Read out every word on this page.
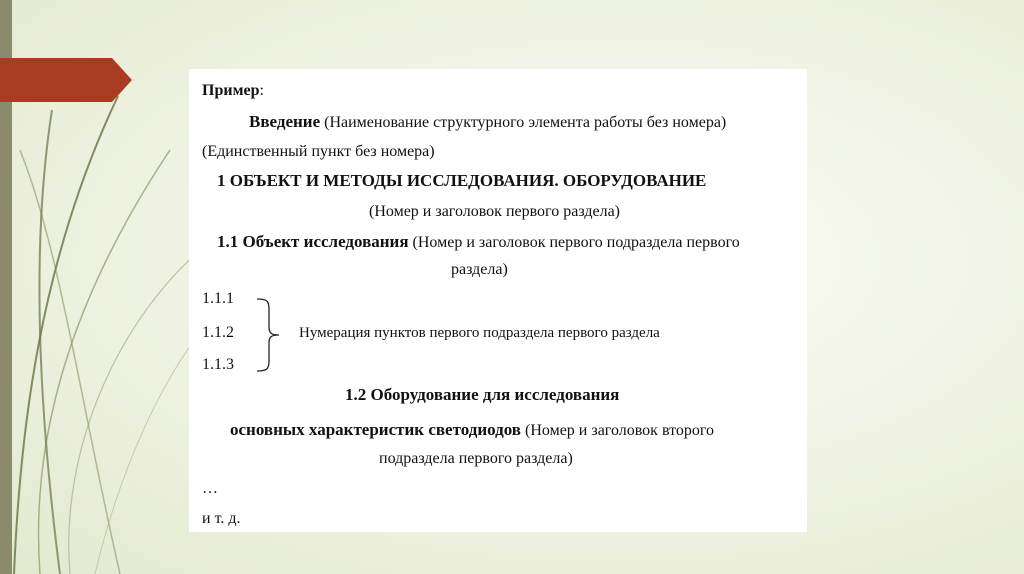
Пример:
Введение (Наименование структурного элемента работы без номера)
(Единственный пункт без номера)
1 ОБЪЕКТ И МЕТОДЫ ИССЛЕДОВАНИЯ. ОБОРУДОВАНИЕ
(Номер и заголовок первого раздела)
1.1 Объект исследования (Номер и заголовок первого подраздела первого
раздела)
1.1.1
1.1.2
1.1.3
Нумерация пунктов первого подраздела первого раздела
1.2 Оборудование для исследования
основных характеристик светодиодов (Номер и заголовок второго
подраздела первого раздела)
…
и т. д.
